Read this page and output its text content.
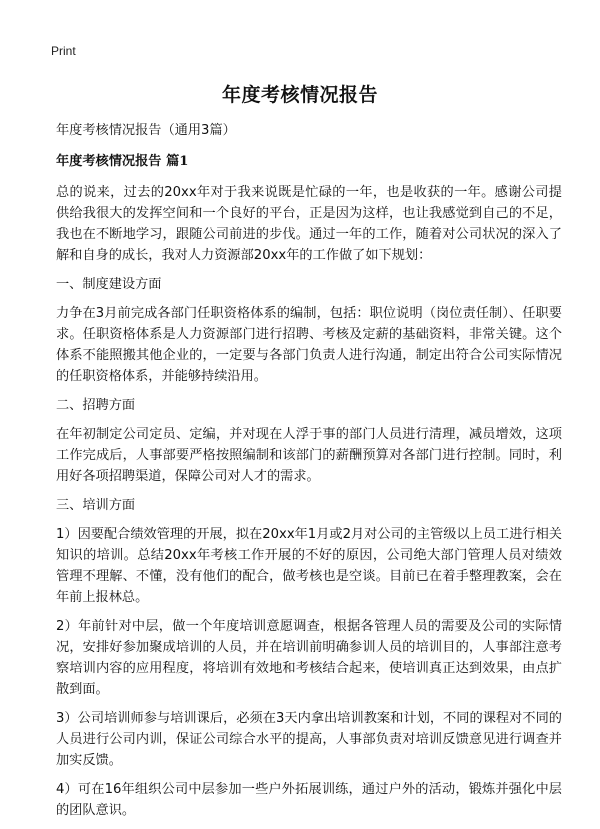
Print
年度考核情况报告

年度考核情况报告（通用3篇）

年度考核情况报告 篇1

总的说来，过去的20xx年对于我来说既是忙碌的一年，也是收获的一年。感谢公司提供给我很大的发挥空间和一个良好的平台，正是因为这样，也让我感觉到自己的不足，我也在不断地学习，跟随公司前进的步伐。通过一年的工作，随着对公司状况的深入了解和自身的成长，我对人力资源部20xx年的工作做了如下规划：

一、制度建设方面

力争在3月前完成各部门任职资格体系的编制，包括：职位说明（岗位责任制）、任职要求。任职资格体系是人力资源部门进行招聘、考核及定薪的基础资料，非常关键。这个体系不能照搬其他企业的，一定要与各部门负责人进行沟通，制定出符合公司实际情况的任职资格体系，并能够持续沿用。

二、招聘方面

在年初制定公司定员、定编，并对现在人浮于事的部门人员进行清理，减员增效，这项工作完成后，人事部要严格按照编制和该部门的薪酬预算对各部门进行控制。同时，利用好各项招聘渠道，保障公司对人才的需求。

三、培训方面

1）因要配合绩效管理的开展，拟在20xx年1月或2月对公司的主管级以上员工进行相关知识的培训。总结20xx年考核工作开展的不好的原因，公司绝大部门管理人员对绩效管理不理解、不懂，没有他们的配合，做考核也是空谈。目前已在着手整理教案，会在年前上报林总。

2）年前针对中层，做一个年度培训意愿调查，根据各管理人员的需要及公司的实际情况，安排好参加聚成培训的人员，并在培训前明确参训人员的培训目的，人事部注意考察培训内容的应用程度，将培训有效地和考核结合起来，使培训真正达到效果，由点扩散到面。

3）公司培训师参与培训课后，必须在3天内拿出培训教案和计划，不同的课程对不同的人员进行公司内训，保证公司综合水平的提高，人事部负责对培训反馈意见进行调查并加实反馈。

4）可在16年组织公司中层参加一些户外拓展训练，通过户外的活动，锻炼并强化中层的团队意识。
